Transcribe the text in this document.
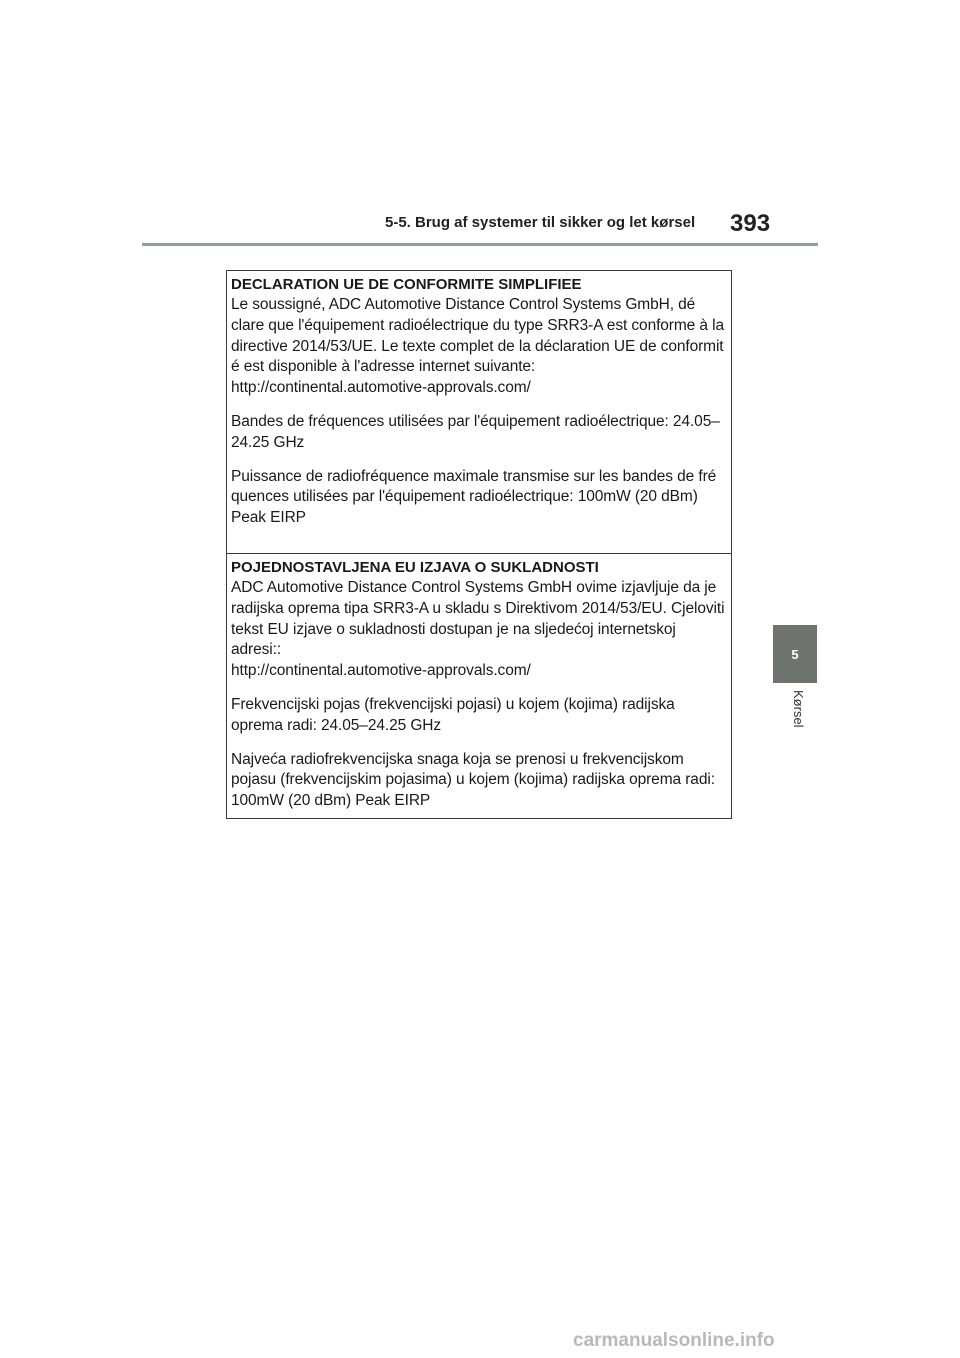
5-5. Brug af systemer til sikker og let kørsel	393
5
Kørsel
DECLARATION UE DE CONFORMITE SIMPLIFIEE

Le soussigné, ADC Automotive Distance Control Systems GmbH, dé
clare que l'équipement radioélectrique du type SRR3-A est conforme à la
directive 2014/53/UE. Le texte complet de la déclaration UE de conformit
é est disponible à l'adresse internet suivante:
http://continental.automotive-approvals.com/

Bandes de fréquences utilisées par l'équipement radioélectrique: 24.05–
24.25 GHz

Puissance de radiofréquence maximale transmise sur les bandes de fré
quences utilisées par l'équipement radioélectrique: 100mW (20 dBm)
Peak EIRP

POJEDNOSTAVLJENA EU IZJAVA O SUKLADNOSTI

ADC Automotive Distance Control Systems GmbH ovime izjavljuje da je
radijska oprema tipa SRR3-A u skladu s Direktivom 2014/53/EU. Cjeloviti
tekst EU izjave o sukladnosti dostupan je na sljedećoj internetskoj
adresi::
http://continental.automotive-approvals.com/

Frekvencijski pojas (frekvencijski pojasi) u kojem (kojima) radijska
oprema radi: 24.05–24.25 GHz

Najveća radiofrekvencijska snaga koja se prenosi u frekvencijskom
pojasu (frekvencijskim pojasima) u kojem (kojima) radijska oprema radi:
100mW (20 dBm) Peak EIRP

carmanualsonline.info
